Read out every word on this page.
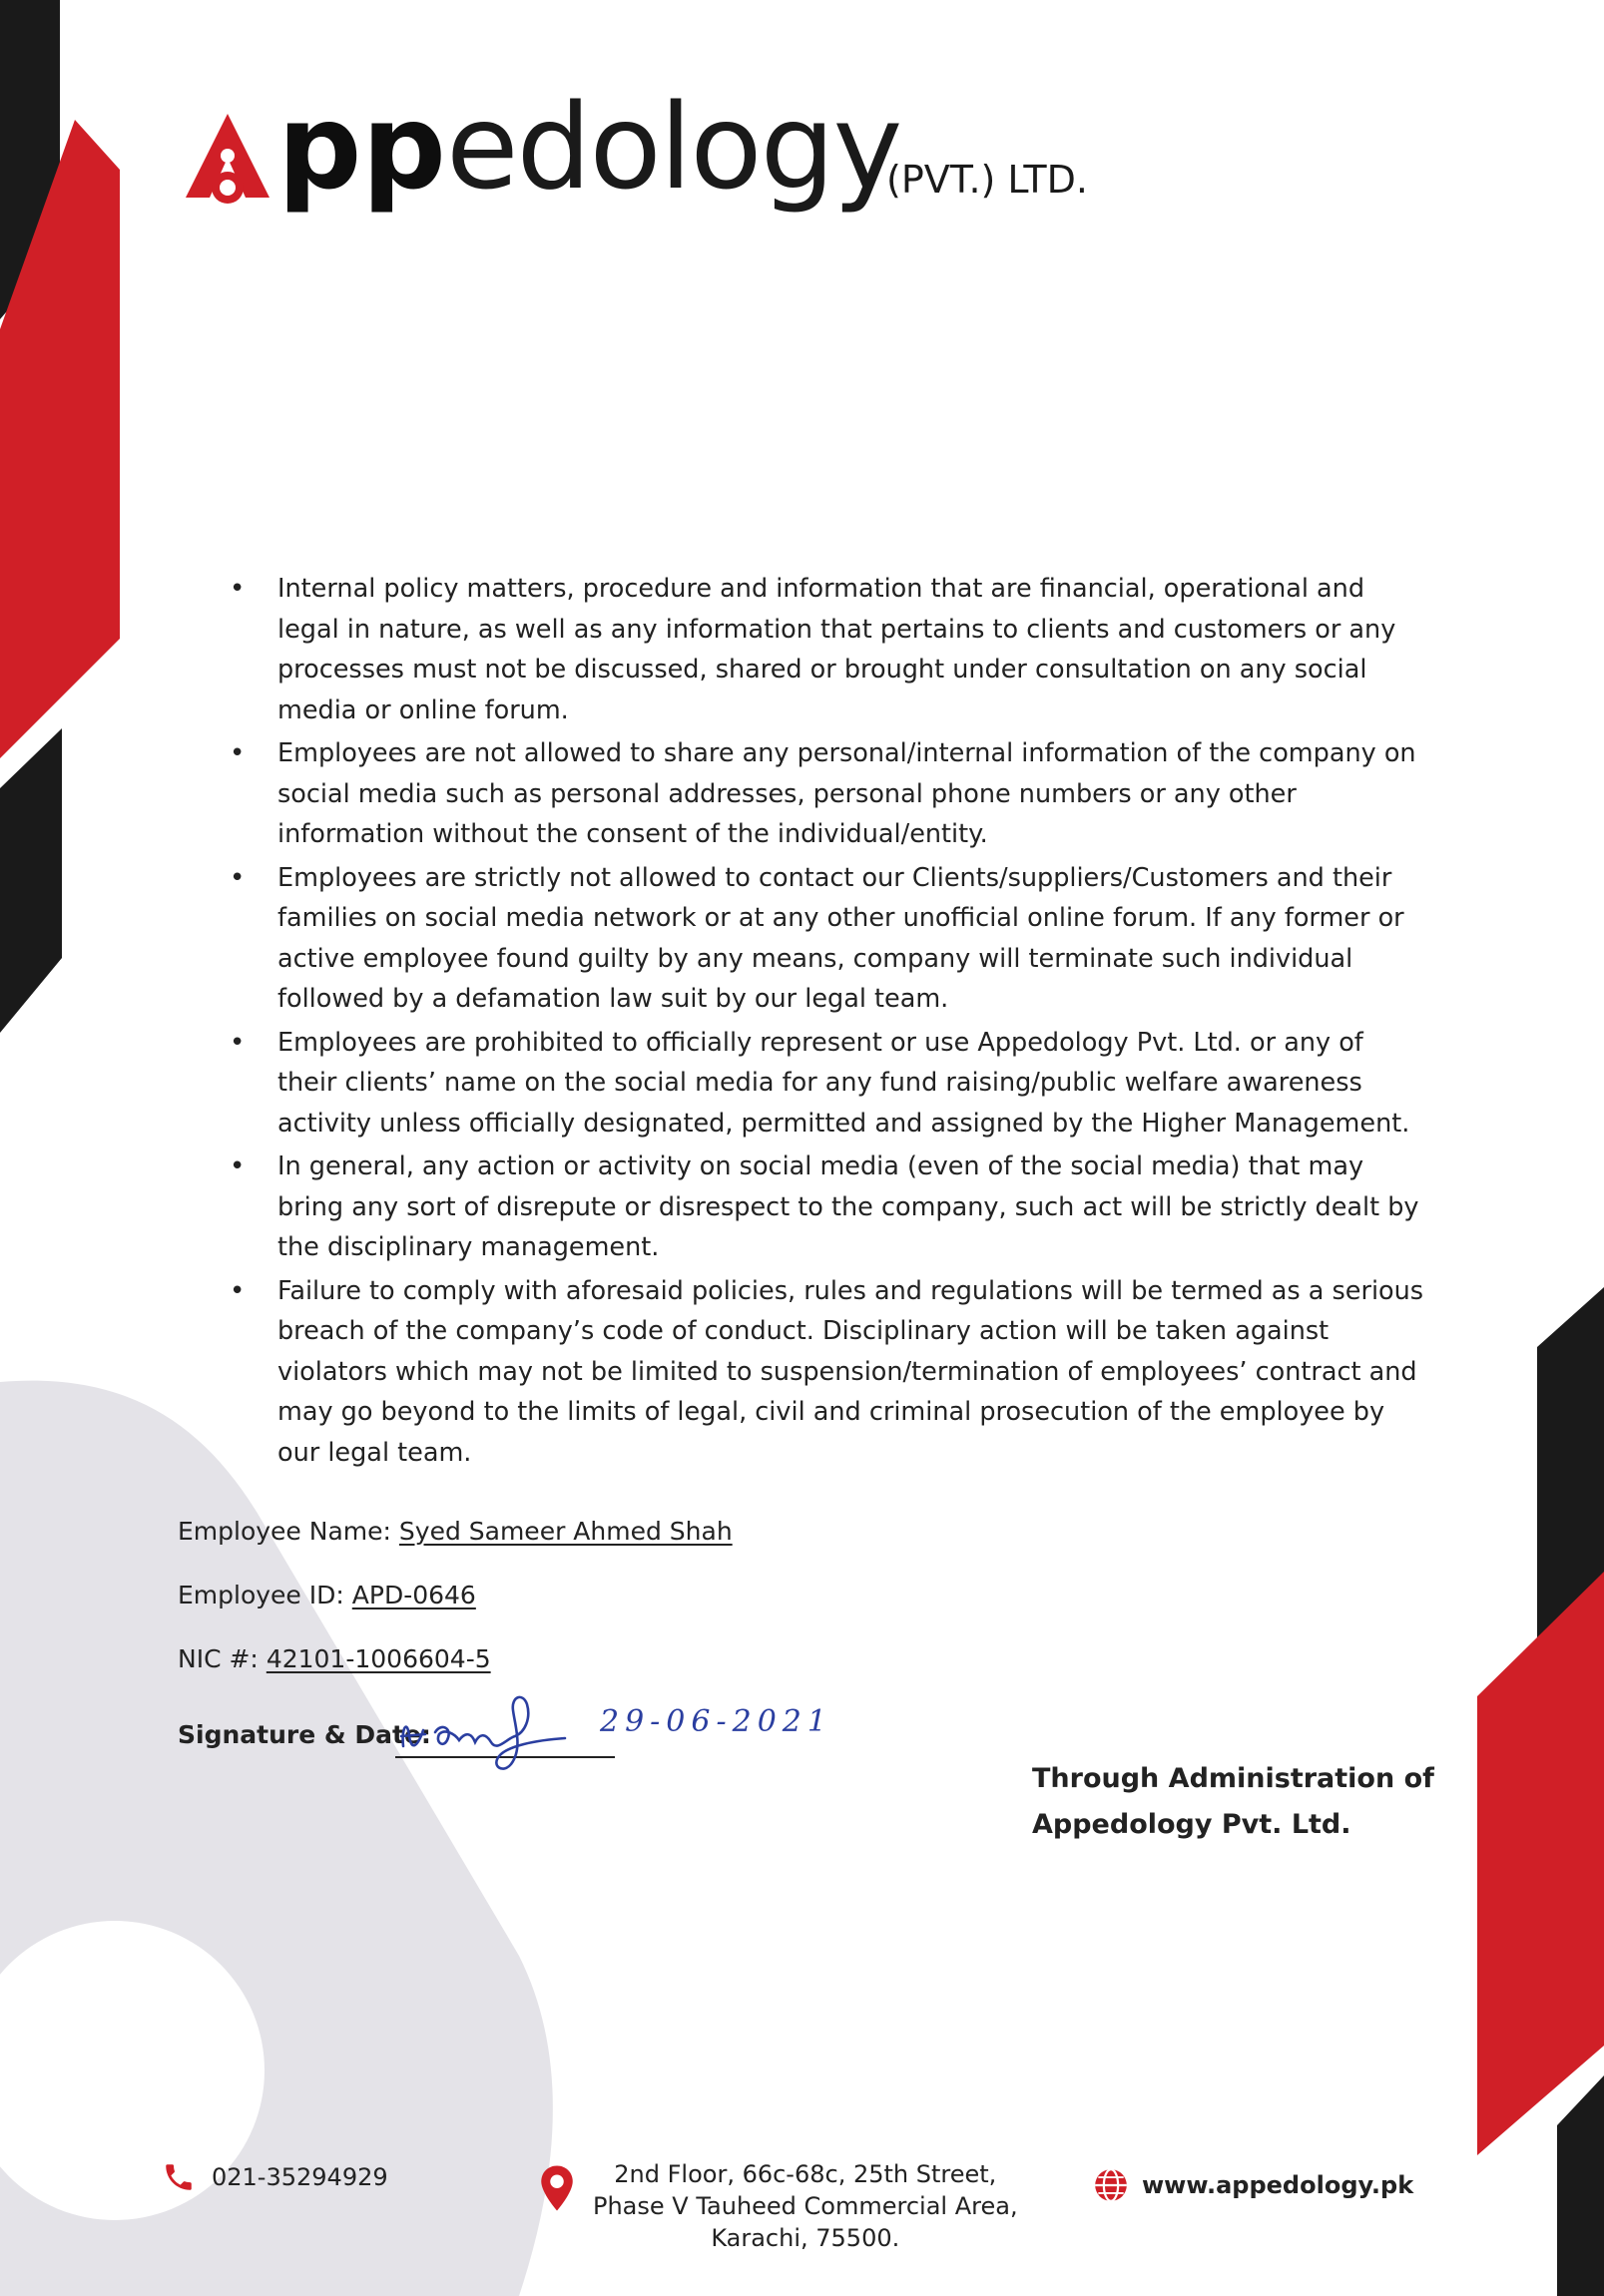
ppedology
(PVT.) LTD.
• Internal policy matters, procedure and information that are financial, operational and legal in nature, as well as any information that pertains to clients and customers or any processes must not be discussed, shared or brought under consultation on any social media or online forum.
• Employees are not allowed to share any personal/internal information of the company on social media such as personal addresses, personal phone numbers or any other information without the consent of the individual/entity.
• Employees are strictly not allowed to contact our Clients/suppliers/Customers and their families on social media network or at any other unofficial online forum. If any former or active employee found guilty by any means, company will terminate such individual followed by a defamation law suit by our legal team.
• Employees are prohibited to officially represent or use Appedology Pvt. Ltd. or any of their clients’ name on the social media for any fund raising/public welfare awareness activity unless officially designated, permitted and assigned by the Higher Management.
• In general, any action or activity on social media (even of the social media) that may bring any sort of disrepute or disrespect to the company, such act will be strictly dealt by the disciplinary management.
• Failure to comply with aforesaid policies, rules and regulations will be termed as a serious breach of the company’s code of conduct. Disciplinary action will be taken against violators which may not be limited to suspension/termination of employees’ contract and may go beyond to the limits of legal, civil and criminal prosecution of the employee by our legal team.
Employee Name: Syed Sameer Ahmed Shah
Employee ID: APD-0646
NIC #: 42101-1006604-5
Signature & Date:	29-06-2021
Through Administration of
Appedology Pvt. Ltd.
021-35294929	2nd Floor, 66c-68c, 25th Street,
Phase V Tauheed Commercial Area,
Karachi, 75500.
www.appedology.pk
